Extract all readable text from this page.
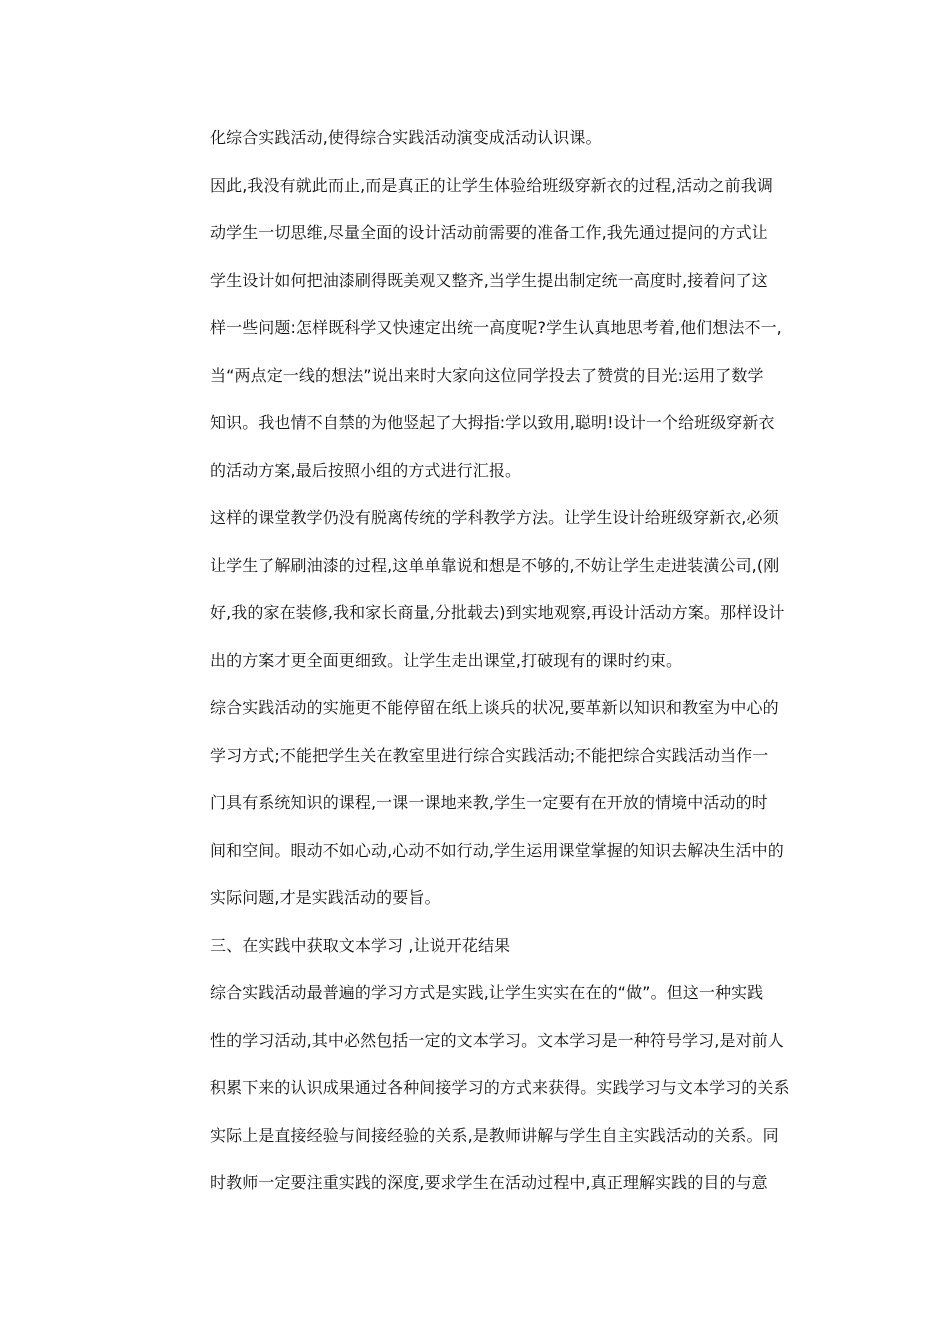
化综合实践活动,使得综合实践活动演变成活动认识课。
因此,我没有就此而止,而是真正的让学生体验给班级穿新衣的过程,活动之前我调
动学生一切思维,尽量全面的设计活动前需要的准备工作,我先通过提问的方式让
学生设计如何把油漆刷得既美观又整齐,当学生提出制定统一高度时,接着问了这
样一些问题:怎样既科学又快速定出统一高度呢?学生认真地思考着,他们想法不一,
当“两点定一线的想法”说出来时大家向这位同学投去了赞赏的目光:运用了数学
知识。我也情不自禁的为他竖起了大拇指:学以致用,聪明!设计一个给班级穿新衣
的活动方案,最后按照小组的方式进行汇报。
这样的课堂教学仍没有脱离传统的学科教学方法。让学生设计给班级穿新衣,必须
让学生了解刷油漆的过程,这单单靠说和想是不够的,不妨让学生走进装潢公司,(刚
好,我的家在装修,我和家长商量,分批载去)到实地观察,再设计活动方案。那样设计
出的方案才更全面更细致。让学生走出课堂,打破现有的课时约束。
综合实践活动的实施更不能停留在纸上谈兵的状况,要革新以知识和教室为中心的
学习方式;不能把学生关在教室里进行综合实践活动;不能把综合实践活动当作一
门具有系统知识的课程,一课一课地来教,学生一定要有在开放的情境中活动的时
间和空间。眼动不如心动,心动不如行动,学生运用课堂掌握的知识去解决生活中的
实际问题,才是实践活动的要旨。
三、在实践中获取文本学习 ,让说开花结果
综合实践活动最普遍的学习方式是实践,让学生实实在在的“做”。但这一种实践
性的学习活动,其中必然包括一定的文本学习。文本学习是一种符号学习,是对前人
积累下来的认识成果通过各种间接学习的方式来获得。实践学习与文本学习的关系
实际上是直接经验与间接经验的关系,是教师讲解与学生自主实践活动的关系。同
时教师一定要注重实践的深度,要求学生在活动过程中,真正理解实践的目的与意
